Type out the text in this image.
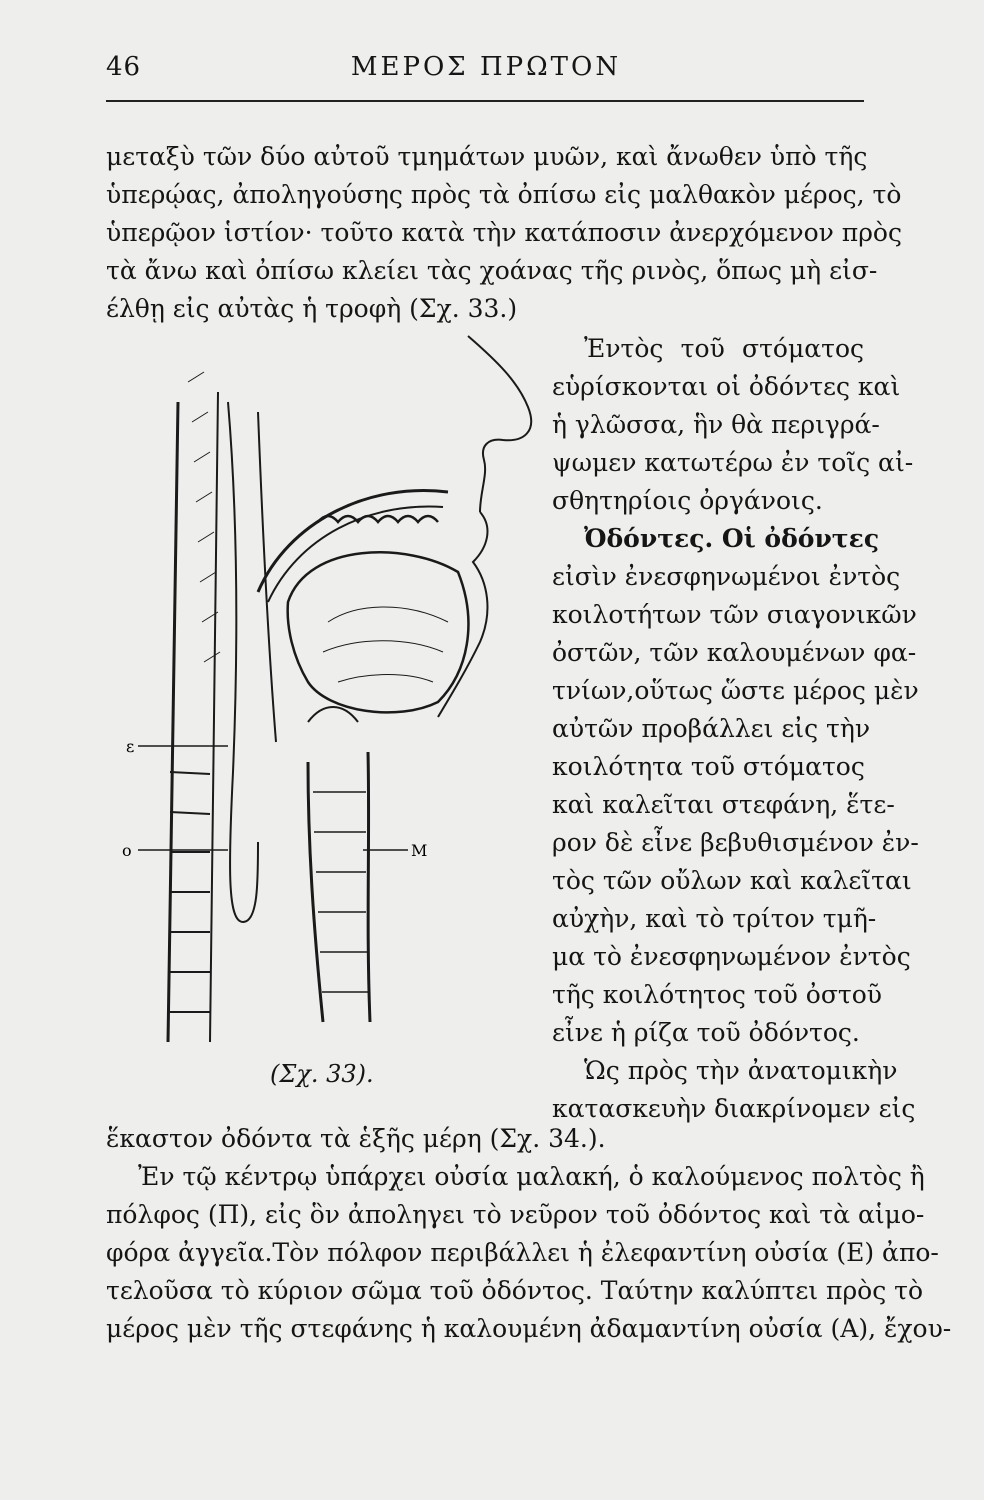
46	ΜΕΡΟΣ ΠΡΩΤΟΝ
μεταξὺ τῶν δύο αὐτοῦ τμημάτων μυῶν, καὶ ἄνωθεν ὑπὸ τῆς
ὑπερῴας, ἀποληγούσης πρὸς τὰ ὀπίσω εἰς μαλθακὸν μέρος, τὸ
ὑπερῷον ἱστίον· τοῦτο κατὰ τὴν κατάποσιν ἀνερχόμενον πρὸς
τὰ ἄνω καὶ ὀπίσω κλείει τὰς χοάνας τῆς ρινὸς, ὅπως μὴ εἰσ-
έλθῃ εἰς αὐτὰς ἡ τροφὴ (Σχ. 33.)
Ἐντὸς τοῦ στόματος
εὑρίσκονται οἱ ὀδόντες καὶ
ἡ γλῶσσα, ἣν θὰ περιγρά-
ψωμεν κατωτέρω ἐν τοῖς αἰ-
σθητηρίοις ὀργάνοις.
Ὀδόντες. Οἱ ὀδόντες
εἰσὶν ἐνεσφηνωμένοι ἐντὸς
κοιλοτήτων τῶν σιαγονικῶν
ὀστῶν, τῶν καλουμένων φα-
τνίων,οὕτως ὥστε μέρος μὲν
αὐτῶν προβάλλει εἰς τὴν
κοιλότητα τοῦ στόματος
καὶ καλεῖται στεφάνη, ἕτε-
ρον δὲ εἶνε βεβυθισμένον ἐν-
τὸς τῶν οὔλων καὶ καλεῖται
αὐχὴν, καὶ τὸ τρίτον τμῆ-
μα τὸ ἐνεσφηνωμένον ἐντὸς
τῆς κοιλότητος τοῦ ὀστοῦ
εἶνε ἡ ρίζα τοῦ ὀδόντος.
Ὡς πρὸς τὴν ἀνατομικὴν
κατασκευὴν διακρίνομεν εἰς
ε
ο	Μ
(Σχ. 33).
ἕκαστον ὀδόντα τὰ ἑξῆς μέρη (Σχ. 34.).
Ἐν τῷ κέντρῳ ὑπάρχει οὐσία μαλακή, ὁ καλούμενος πολτὸς ἢ
πόλφος (Π), εἰς ὃν ἀποληγει τὸ νεῦρον τοῦ ὀδόντος καὶ τὰ αἱμο-
φόρα ἀγγεῖα.Τὸν πόλφον περιβάλλει ἡ ἐλεφαντίνη οὐσία (Ε) ἀπο-
τελοῦσα τὸ κύριον σῶμα τοῦ ὀδόντος. Ταύτην καλύπτει πρὸς τὸ
μέρος μὲν τῆς στεφάνης ἡ καλουμένη ἀδαμαντίνη οὐσία (Α), ἔχου-
